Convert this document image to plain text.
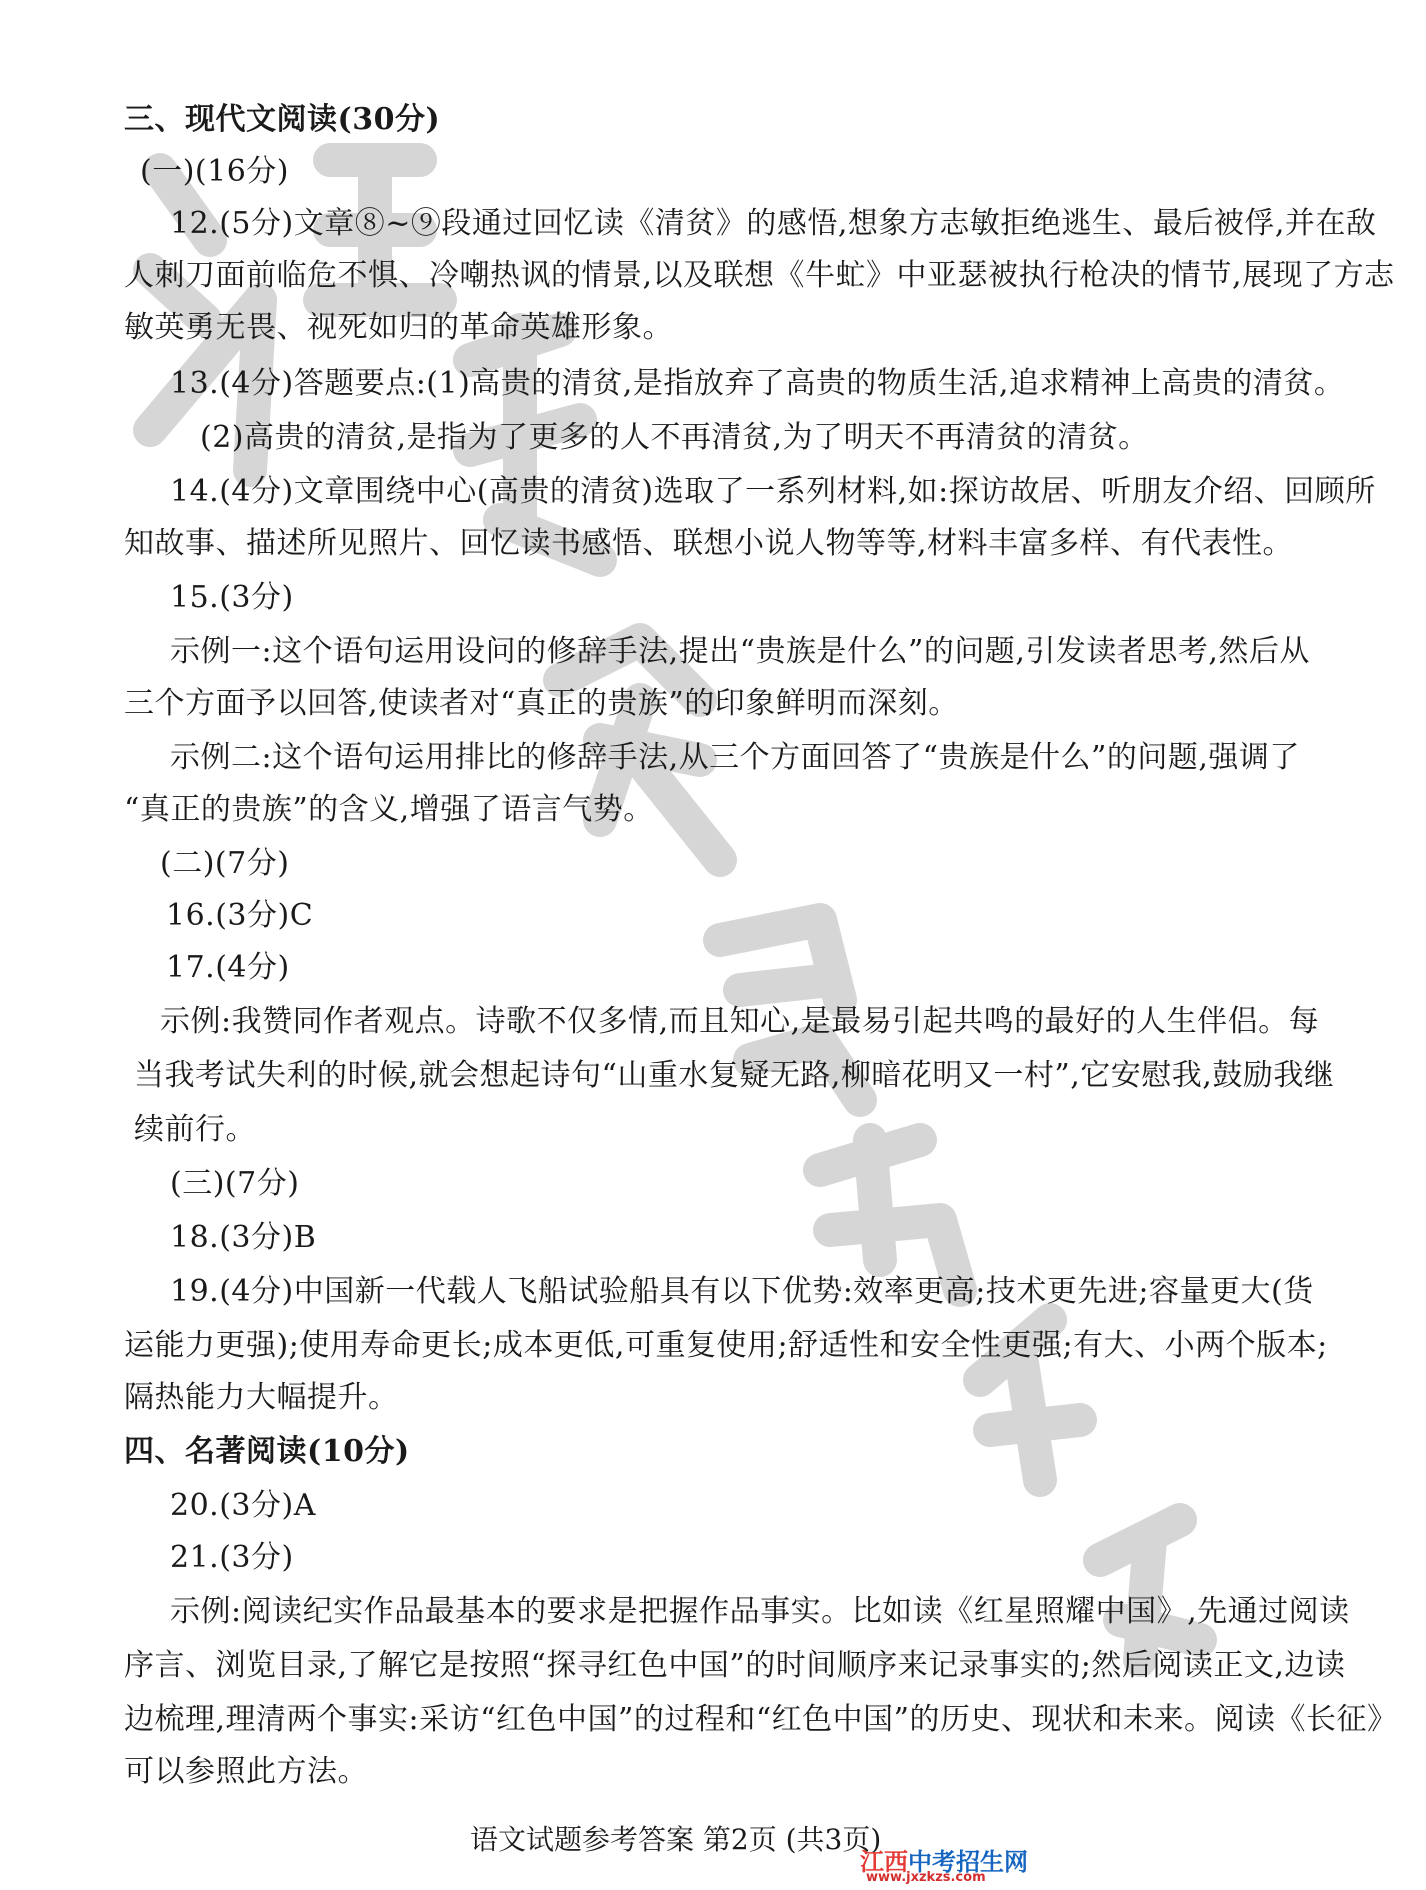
三、现代文阅读(30分)
(一)(16分)
12.(5分)文章⑧~⑨段通过回忆读《清贫》的感悟,想象方志敏拒绝逃生、最后被俘,并在敌
人刺刀面前临危不惧、冷嘲热讽的情景,以及联想《牛虻》中亚瑟被执行枪决的情节,展现了方志
敏英勇无畏、视死如归的革命英雄形象。
13.(4分)答题要点:(1)高贵的清贫,是指放弃了高贵的物质生活,追求精神上高贵的清贫。
(2)高贵的清贫,是指为了更多的人不再清贫,为了明天不再清贫的清贫。
14.(4分)文章围绕中心(高贵的清贫)选取了一系列材料,如:探访故居、听朋友介绍、回顾所
知故事、描述所见照片、回忆读书感悟、联想小说人物等等,材料丰富多样、有代表性。
15.(3分)
示例一:这个语句运用设问的修辞手法,提出“贵族是什么”的问题,引发读者思考,然后从
三个方面予以回答,使读者对“真正的贵族”的印象鲜明而深刻。
示例二:这个语句运用排比的修辞手法,从三个方面回答了“贵族是什么”的问题,强调了
“真正的贵族”的含义,增强了语言气势。
(二)(7分)
16.(3分)C
17.(4分)
示例:我赞同作者观点。诗歌不仅多情,而且知心,是最易引起共鸣的最好的人生伴侣。每
当我考试失利的时候,就会想起诗句“山重水复疑无路,柳暗花明又一村”,它安慰我,鼓励我继
续前行。
(三)(7分)
18.(3分)B
19.(4分)中国新一代载人飞船试验船具有以下优势:效率更高;技术更先进;容量更大(货
运能力更强);使用寿命更长;成本更低,可重复使用;舒适性和安全性更强;有大、小两个版本;
隔热能力大幅提升。
四、名著阅读(10分)
20.(3分)A
21.(3分)
示例:阅读纪实作品最基本的要求是把握作品事实。比如读《红星照耀中国》,先通过阅读
序言、浏览目录,了解它是按照“探寻红色中国”的时间顺序来记录事实的;然后阅读正文,边读
边梳理,理清两个事实:采访“红色中国”的过程和“红色中国”的历史、现状和未来。阅读《长征》
可以参照此方法。
语文试题参考答案 第2页 (共3页)
江西中考招生网
www.jxzkzs.com
